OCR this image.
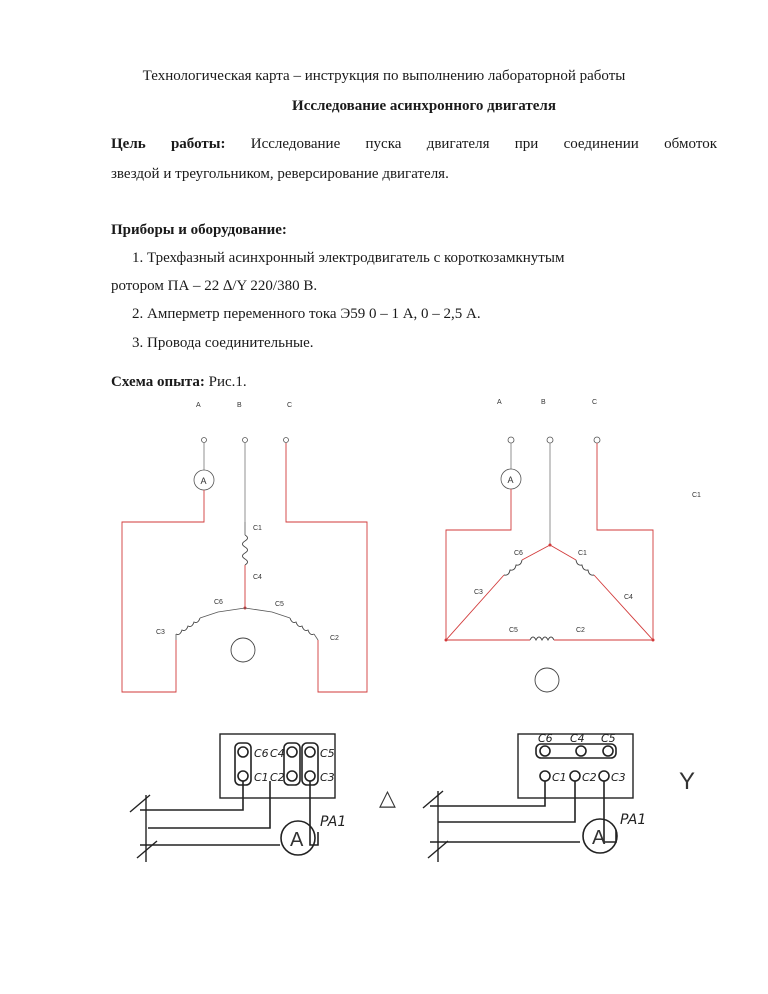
Технологическая карта – инструкция по выполнению лабораторной работы
Исследование асинхронного двигателя
Цель работы: Исследование пуска двигателя при соединении обмоток
звездой и треугольником, реверсирование двигателя.
Приборы и оборудование:
1. Трехфазный асинхронный электродвигатель с короткозамкнутым
ротором ПА – 22 ∆/Y 220/380 В.
2. Амперметр переменного тока Э59 0 – 1 А, 0 – 2,5 А.
3. Провода соединительные.
Схема опыта: Рис.1.
A	B	C
A
C1
C4
C6
C3
C5
C2
A	B	C
C1
A
C6
C3
C1
C4
C5	C2
C6 C4	C5
C1 C2	C3
A
PA1
△
C6 C4 C5
C1 C2 C3
A
PA1
Y
